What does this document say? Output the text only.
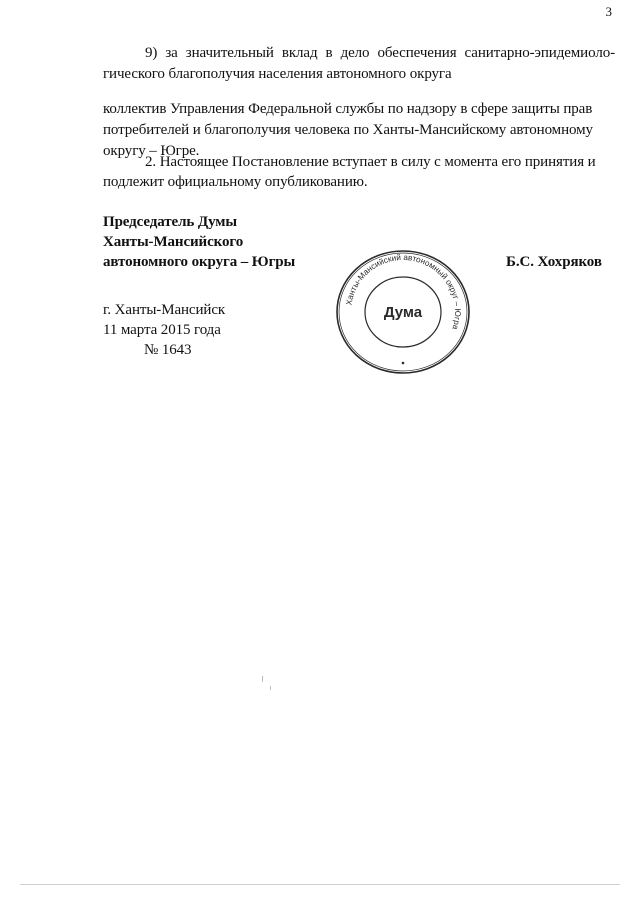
3
9) за значительный вклад в дело обеспечения санитарно-эпидемиоло-
гического благополучия населения автономного округа
коллектив Управления Федеральной службы по надзору в сфере защиты прав
потребителей и благополучия человека по Ханты-Мансийскому автономному
округу – Югре.
2. Настоящее Постановление вступает в силу с момента его принятия и
подлежит официальному опубликованию.
Председатель Думы
Ханты-Мансийского
автономного округа – Югры	Б.С. Хохряков
г. Ханты-Мансийск
11 марта 2015 года
№ 1643
Ханты-Мансийский автономный округ – Югра
Дума
